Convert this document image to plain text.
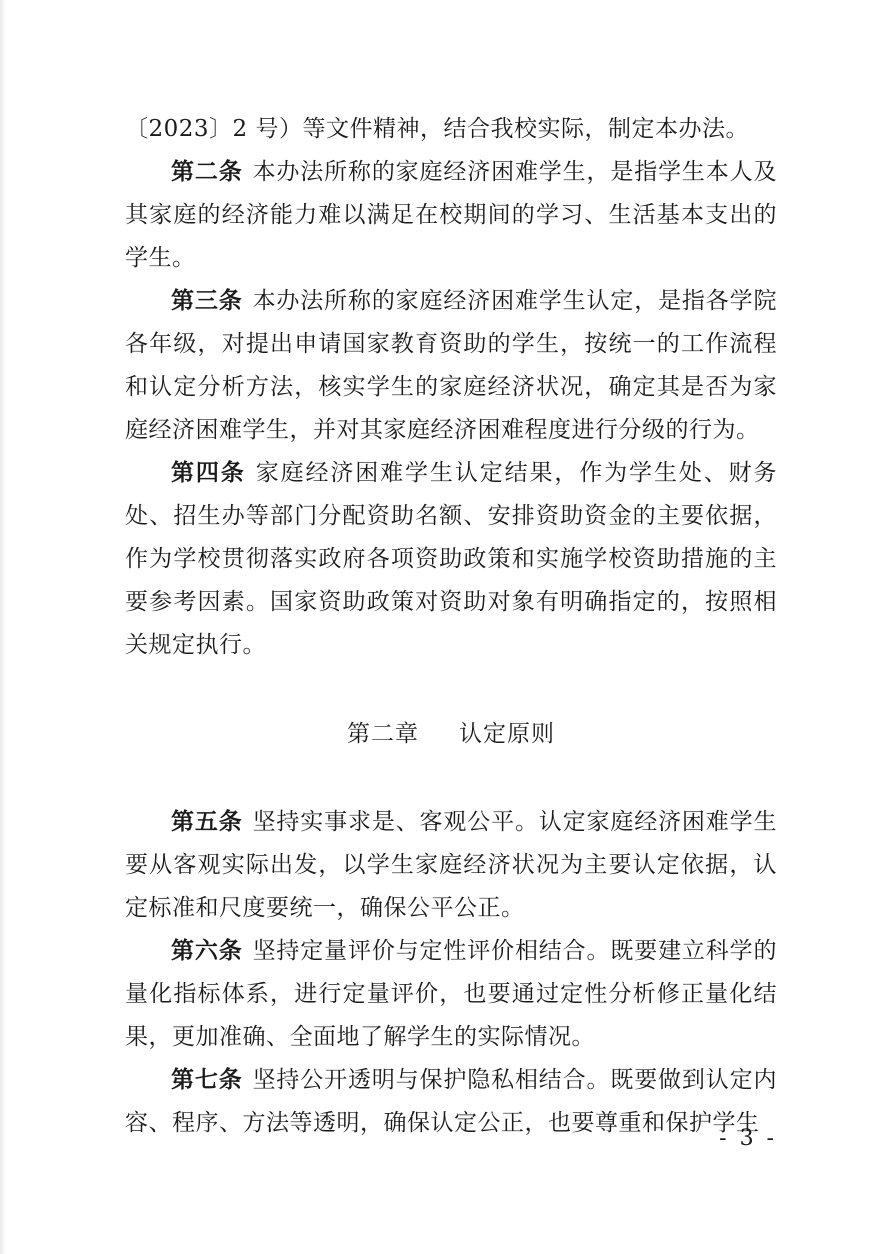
〔2023〕2 号）等文件精神，结合我校实际，制定本办法。

第二条 本办法所称的家庭经济困难学生，是指学生本人及其家庭的经济能力难以满足在校期间的学习、生活基本支出的学生。

第三条 本办法所称的家庭经济困难学生认定，是指各学院各年级，对提出申请国家教育资助的学生，按统一的工作流程和认定分析方法，核实学生的家庭经济状况，确定其是否为家庭经济困难学生，并对其家庭经济困难程度进行分级的行为。

第四条 家庭经济困难学生认定结果，作为学生处、财务处、招生办等部门分配资助名额、安排资助资金的主要依据，作为学校贯彻落实政府各项资助政策和实施学校资助措施的主要参考因素。国家资助政策对资助对象有明确指定的，按照相关规定执行。

第二章 认定原则

第五条 坚持实事求是、客观公平。认定家庭经济困难学生要从客观实际出发，以学生家庭经济状况为主要认定依据，认定标准和尺度要统一，确保公平公正。

第六条 坚持定量评价与定性评价相结合。既要建立科学的量化指标体系，进行定量评价，也要通过定性分析修正量化结果，更加准确、全面地了解学生的实际情况。

第七条 坚持公开透明与保护隐私相结合。既要做到认定内容、程序、方法等透明，确保认定公正，也要尊重和保护学生

- 3 -
